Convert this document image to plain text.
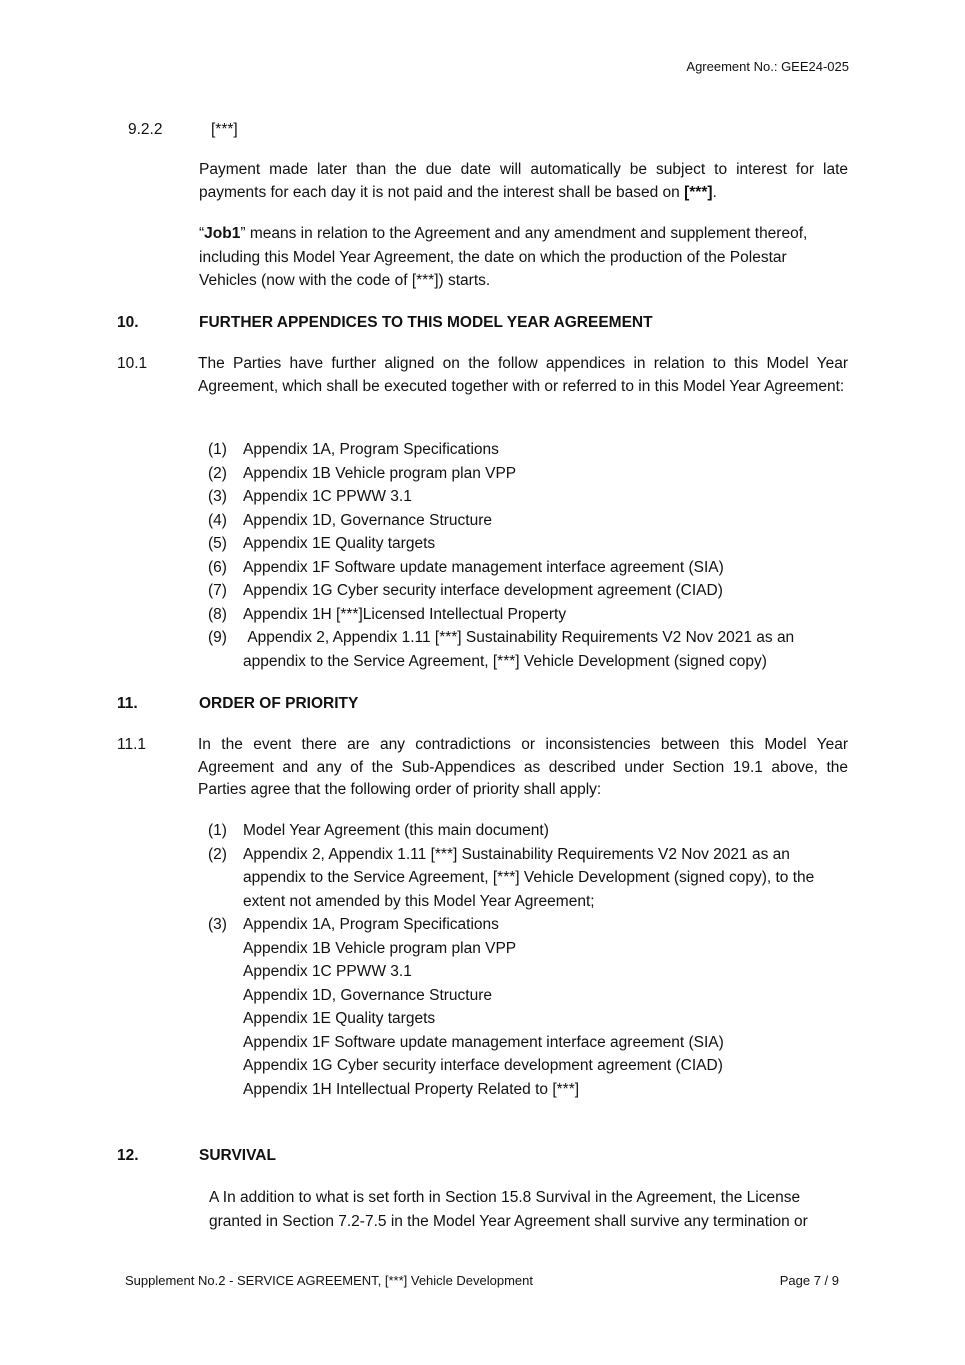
Agreement No.: GEE24-025
9.2.2	[***]
Payment made later than the due date will automatically be subject to interest for late payments for each day it is not paid and the interest shall be based on [***].
“Job1” means in relation to the Agreement and any amendment and supplement thereof, including this Model Year Agreement, the date on which the production of the Polestar Vehicles (now with the code of [***]) starts.
10.	FURTHER APPENDICES TO THIS MODEL YEAR AGREEMENT
10.1	The Parties have further aligned on the follow appendices in relation to this Model Year Agreement, which shall be executed together with or referred to in this Model Year Agreement:
(1) Appendix 1A, Program Specifications
(2) Appendix 1B Vehicle program plan VPP
(3) Appendix 1C PPWW 3.1
(4) Appendix 1D, Governance Structure
(5) Appendix 1E Quality targets
(6) Appendix 1F Software update management interface agreement (SIA)
(7) Appendix 1G Cyber security interface development agreement (CIAD)
(8) Appendix 1H [***]Licensed Intellectual Property
(9) Appendix 2, Appendix 1.11 [***] Sustainability Requirements V2 Nov 2021 as an appendix to the Service Agreement, [***] Vehicle Development (signed copy)
11.	ORDER OF PRIORITY
11.1	In the event there are any contradictions or inconsistencies between this Model Year Agreement and any of the Sub-Appendices as described under Section 19.1 above, the Parties agree that the following order of priority shall apply:
(1) Model Year Agreement (this main document)
(2) Appendix 2, Appendix 1.11 [***] Sustainability Requirements V2 Nov 2021 as an appendix to the Service Agreement, [***] Vehicle Development (signed copy), to the extent not amended by this Model Year Agreement;
(3) Appendix 1A, Program Specifications
Appendix 1B Vehicle program plan VPP
Appendix 1C PPWW 3.1
Appendix 1D, Governance Structure
Appendix 1E Quality targets
Appendix 1F Software update management interface agreement (SIA)
Appendix 1G Cyber security interface development agreement (CIAD)
Appendix 1H Intellectual Property Related to [***]
12.	SURVIVAL
A In addition to what is set forth in Section 15.8 Survival in the Agreement, the License granted in Section 7.2-7.5 in the Model Year Agreement shall survive any termination or
Supplement No.2 - SERVICE AGREEMENT, [***] Vehicle Development	Page 7 / 9
